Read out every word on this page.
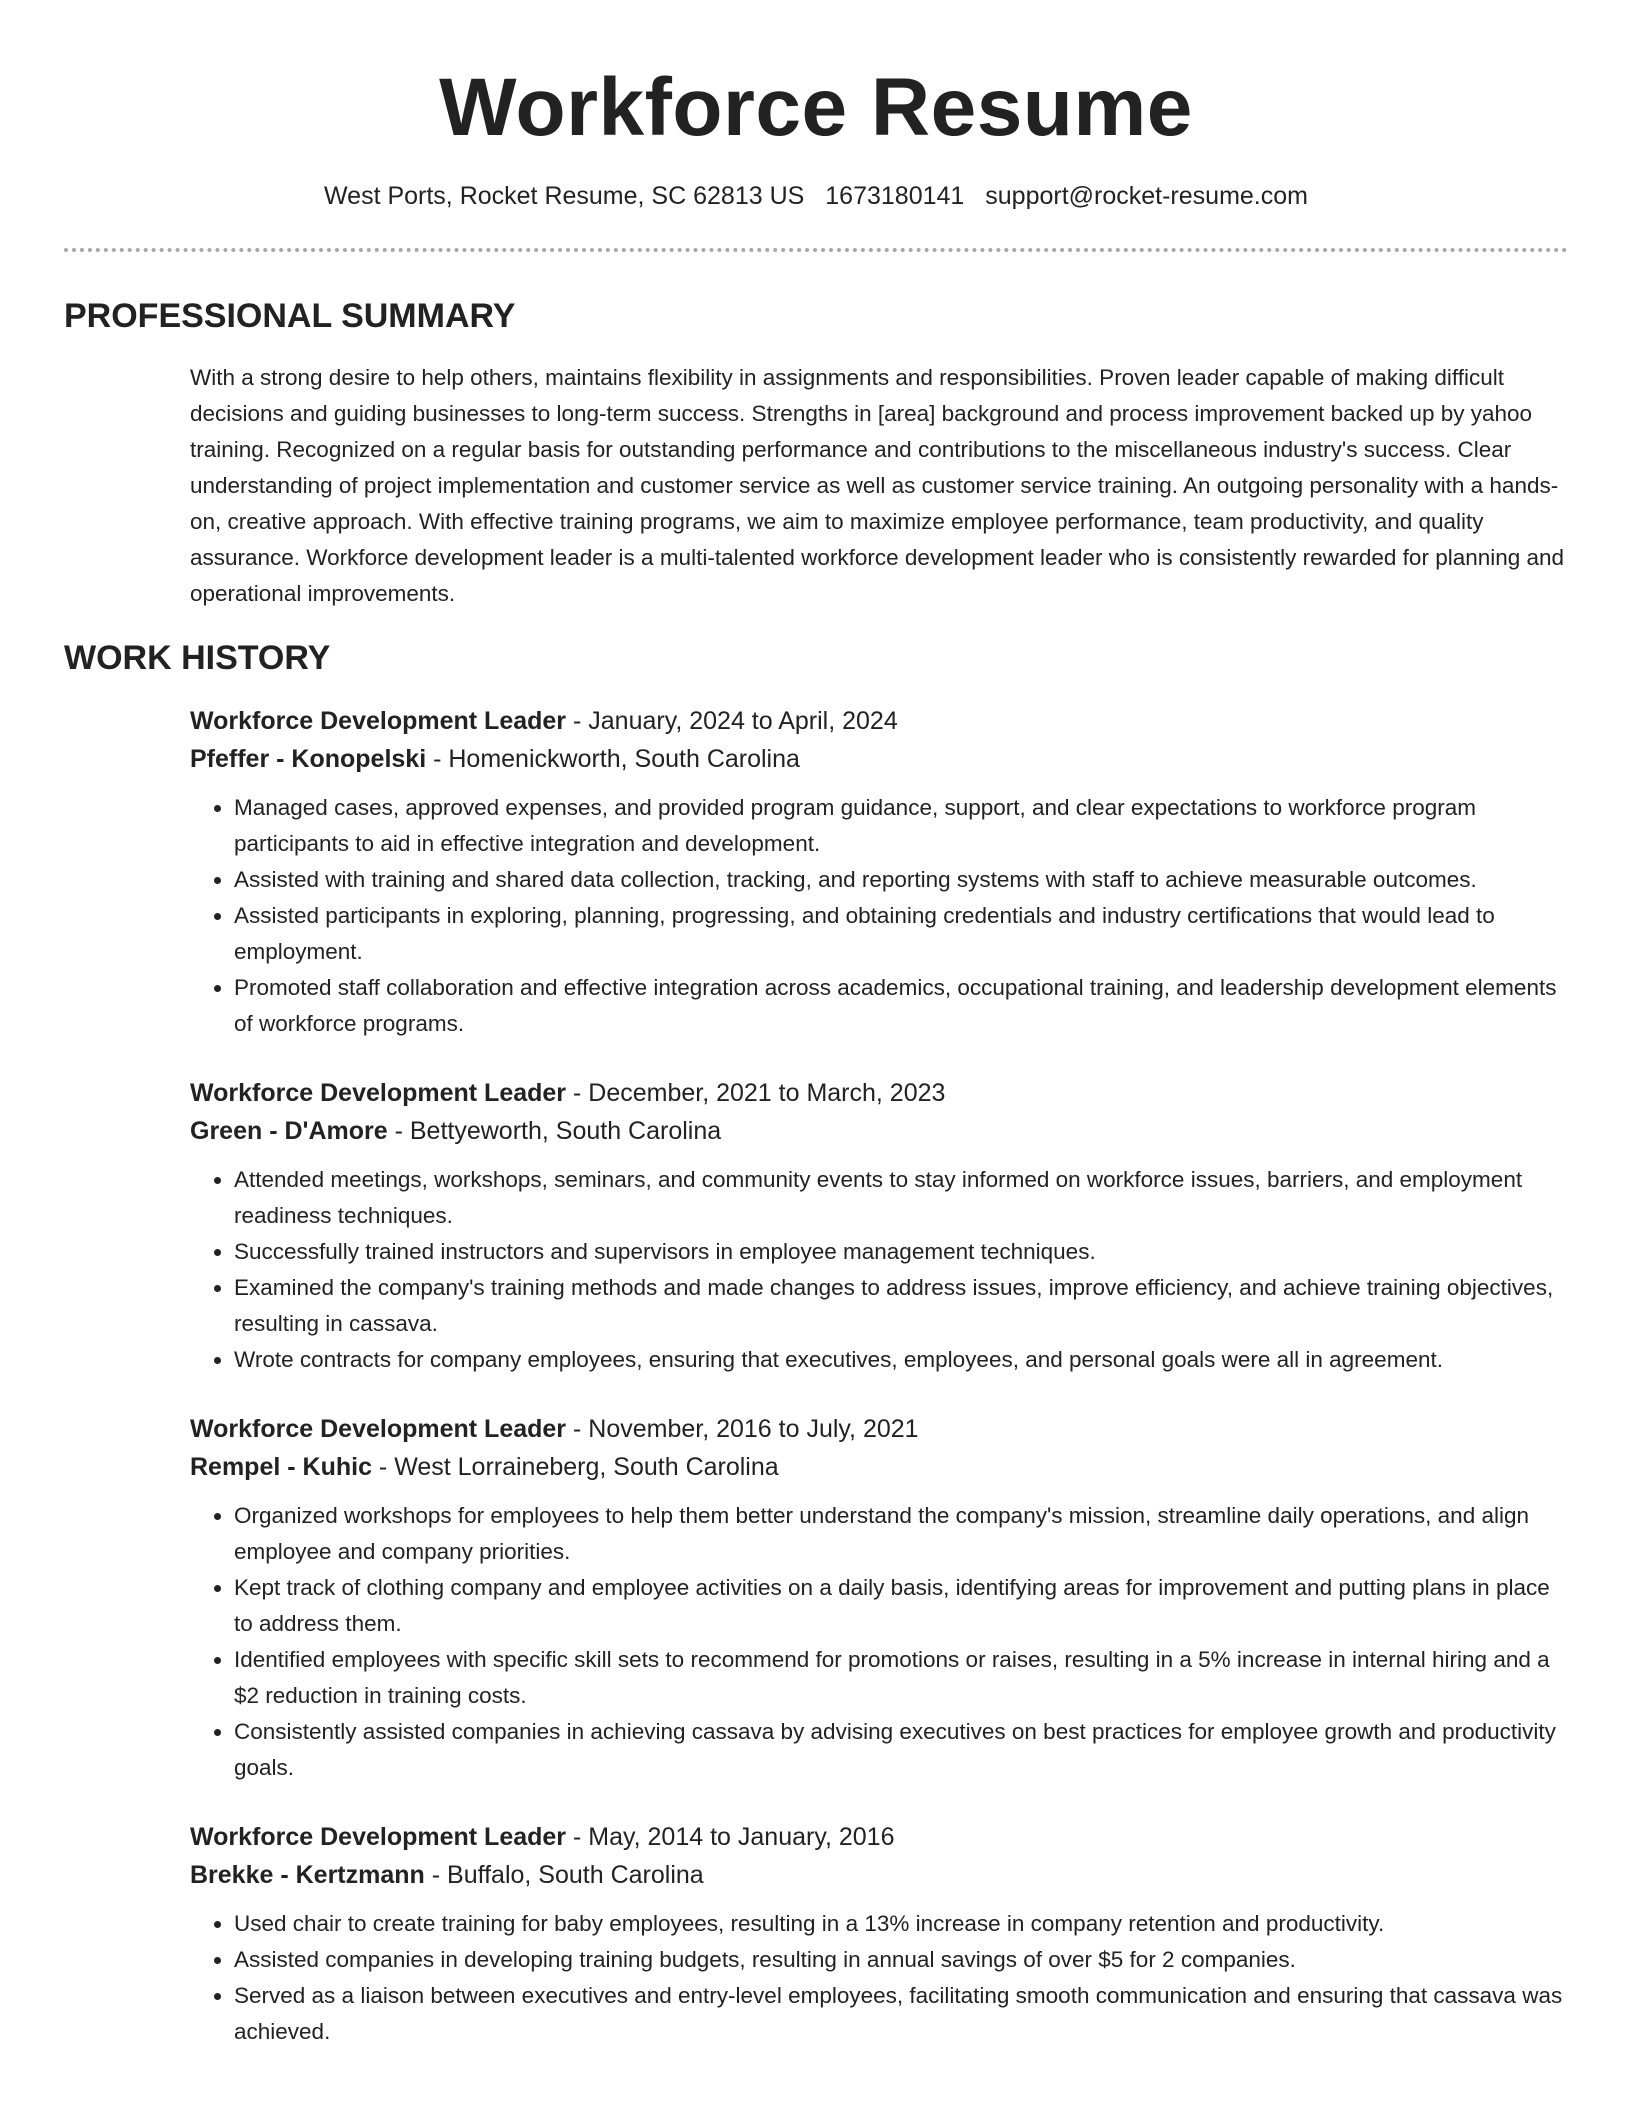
Workforce Resume
West Ports, Rocket Resume, SC 62813 US 1673180141 support@rocket-resume.com
PROFESSIONAL SUMMARY

With a strong desire to help others, maintains flexibility in assignments and responsibilities. Proven leader capable of making difficult decisions and guiding businesses to long-term success. Strengths in [area] background and process improvement backed up by yahoo training. Recognized on a regular basis for outstanding performance and contributions to the miscellaneous industry's success. Clear understanding of project implementation and customer service as well as customer service training. An outgoing personality with a hands-on, creative approach. With effective training programs, we aim to maximize employee performance, team productivity, and quality assurance. Workforce development leader is a multi-talented workforce development leader who is consistently rewarded for planning and operational improvements.

WORK HISTORY
Workforce Development Leader - January, 2024 to April, 2024
Pfeffer - Konopelski - Homenickworth, South Carolina
• Managed cases, approved expenses, and provided program guidance, support, and clear expectations to workforce program participants to aid in effective integration and development.
• Assisted with training and shared data collection, tracking, and reporting systems with staff to achieve measurable outcomes.
• Assisted participants in exploring, planning, progressing, and obtaining credentials and industry certifications that would lead to employment.
• Promoted staff collaboration and effective integration across academics, occupational training, and leadership development elements of workforce programs.
Workforce Development Leader - December, 2021 to March, 2023
Green - D'Amore - Bettyeworth, South Carolina
• Attended meetings, workshops, seminars, and community events to stay informed on workforce issues, barriers, and employment readiness techniques.
• Successfully trained instructors and supervisors in employee management techniques.
• Examined the company's training methods and made changes to address issues, improve efficiency, and achieve training objectives, resulting in cassava.
• Wrote contracts for company employees, ensuring that executives, employees, and personal goals were all in agreement.
Workforce Development Leader - November, 2016 to July, 2021
Rempel - Kuhic - West Lorraineberg, South Carolina
• Organized workshops for employees to help them better understand the company's mission, streamline daily operations, and align employee and company priorities.
• Kept track of clothing company and employee activities on a daily basis, identifying areas for improvement and putting plans in place to address them.
• Identified employees with specific skill sets to recommend for promotions or raises, resulting in a 5% increase in internal hiring and a $2 reduction in training costs.
• Consistently assisted companies in achieving cassava by advising executives on best practices for employee growth and productivity goals.
Workforce Development Leader - May, 2014 to January, 2016
Brekke - Kertzmann - Buffalo, South Carolina
• Used chair to create training for baby employees, resulting in a 13% increase in company retention and productivity.
• Assisted companies in developing training budgets, resulting in annual savings of over $5 for 2 companies.
• Served as a liaison between executives and entry-level employees, facilitating smooth communication and ensuring that cassava was achieved.
